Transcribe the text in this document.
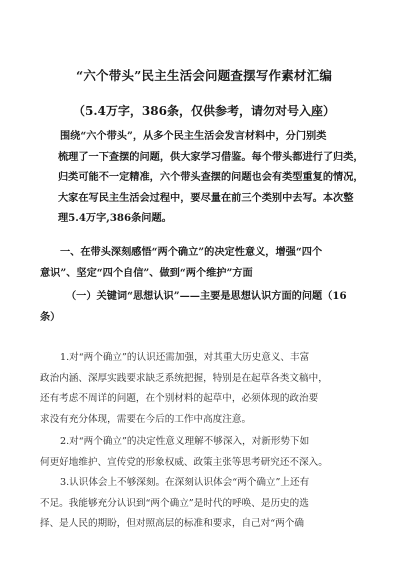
“六个带头”民主生活会问题查摆写作素材汇编
（5.4万字，386条，仅供参考，请勿对号入座）
围绕“六个带头”，从多个民主生活会发言材料中，分门别类
梳理了一下查摆的问题，供大家学习借鉴。每个带头都进行了归类，
归类可能不一定精准，六个带头查摆的问题也会有类型重复的情况，
大家在写民主生活会过程中，要尽量在前三个类别中去写。本次整
理5.4万字,386条问题。
一、在带头深刻感悟“两个确立”的决定性意义，增强“四个
意识”、坚定“四个自信”、做到“两个维护”方面
（一）关键词“思想认识”——主要是思想认识方面的问题（16
条）
1.对“两个确立”的认识还需加强，对其重大历史意义、丰富
政治内涵、深厚实践要求缺乏系统把握，特别是在起草各类文稿中，
还有考虑不周详的问题，在个别材料的起草中，必须体现的政治要
求没有充分体现，需要在今后的工作中高度注意。
2.对“两个确立”的决定性意义理解不够深入，对新形势下如
何更好地维护、宣传党的形象权威、政策主张等思考研究还不深入。
3.认识体会上不够深刻。在深刻认识体会“两个确立”上还有
不足。我能够充分认识到“两个确立”是时代的呼唤、是历史的选
择、是人民的期盼，但对照高层的标准和要求，自己对“两个确
